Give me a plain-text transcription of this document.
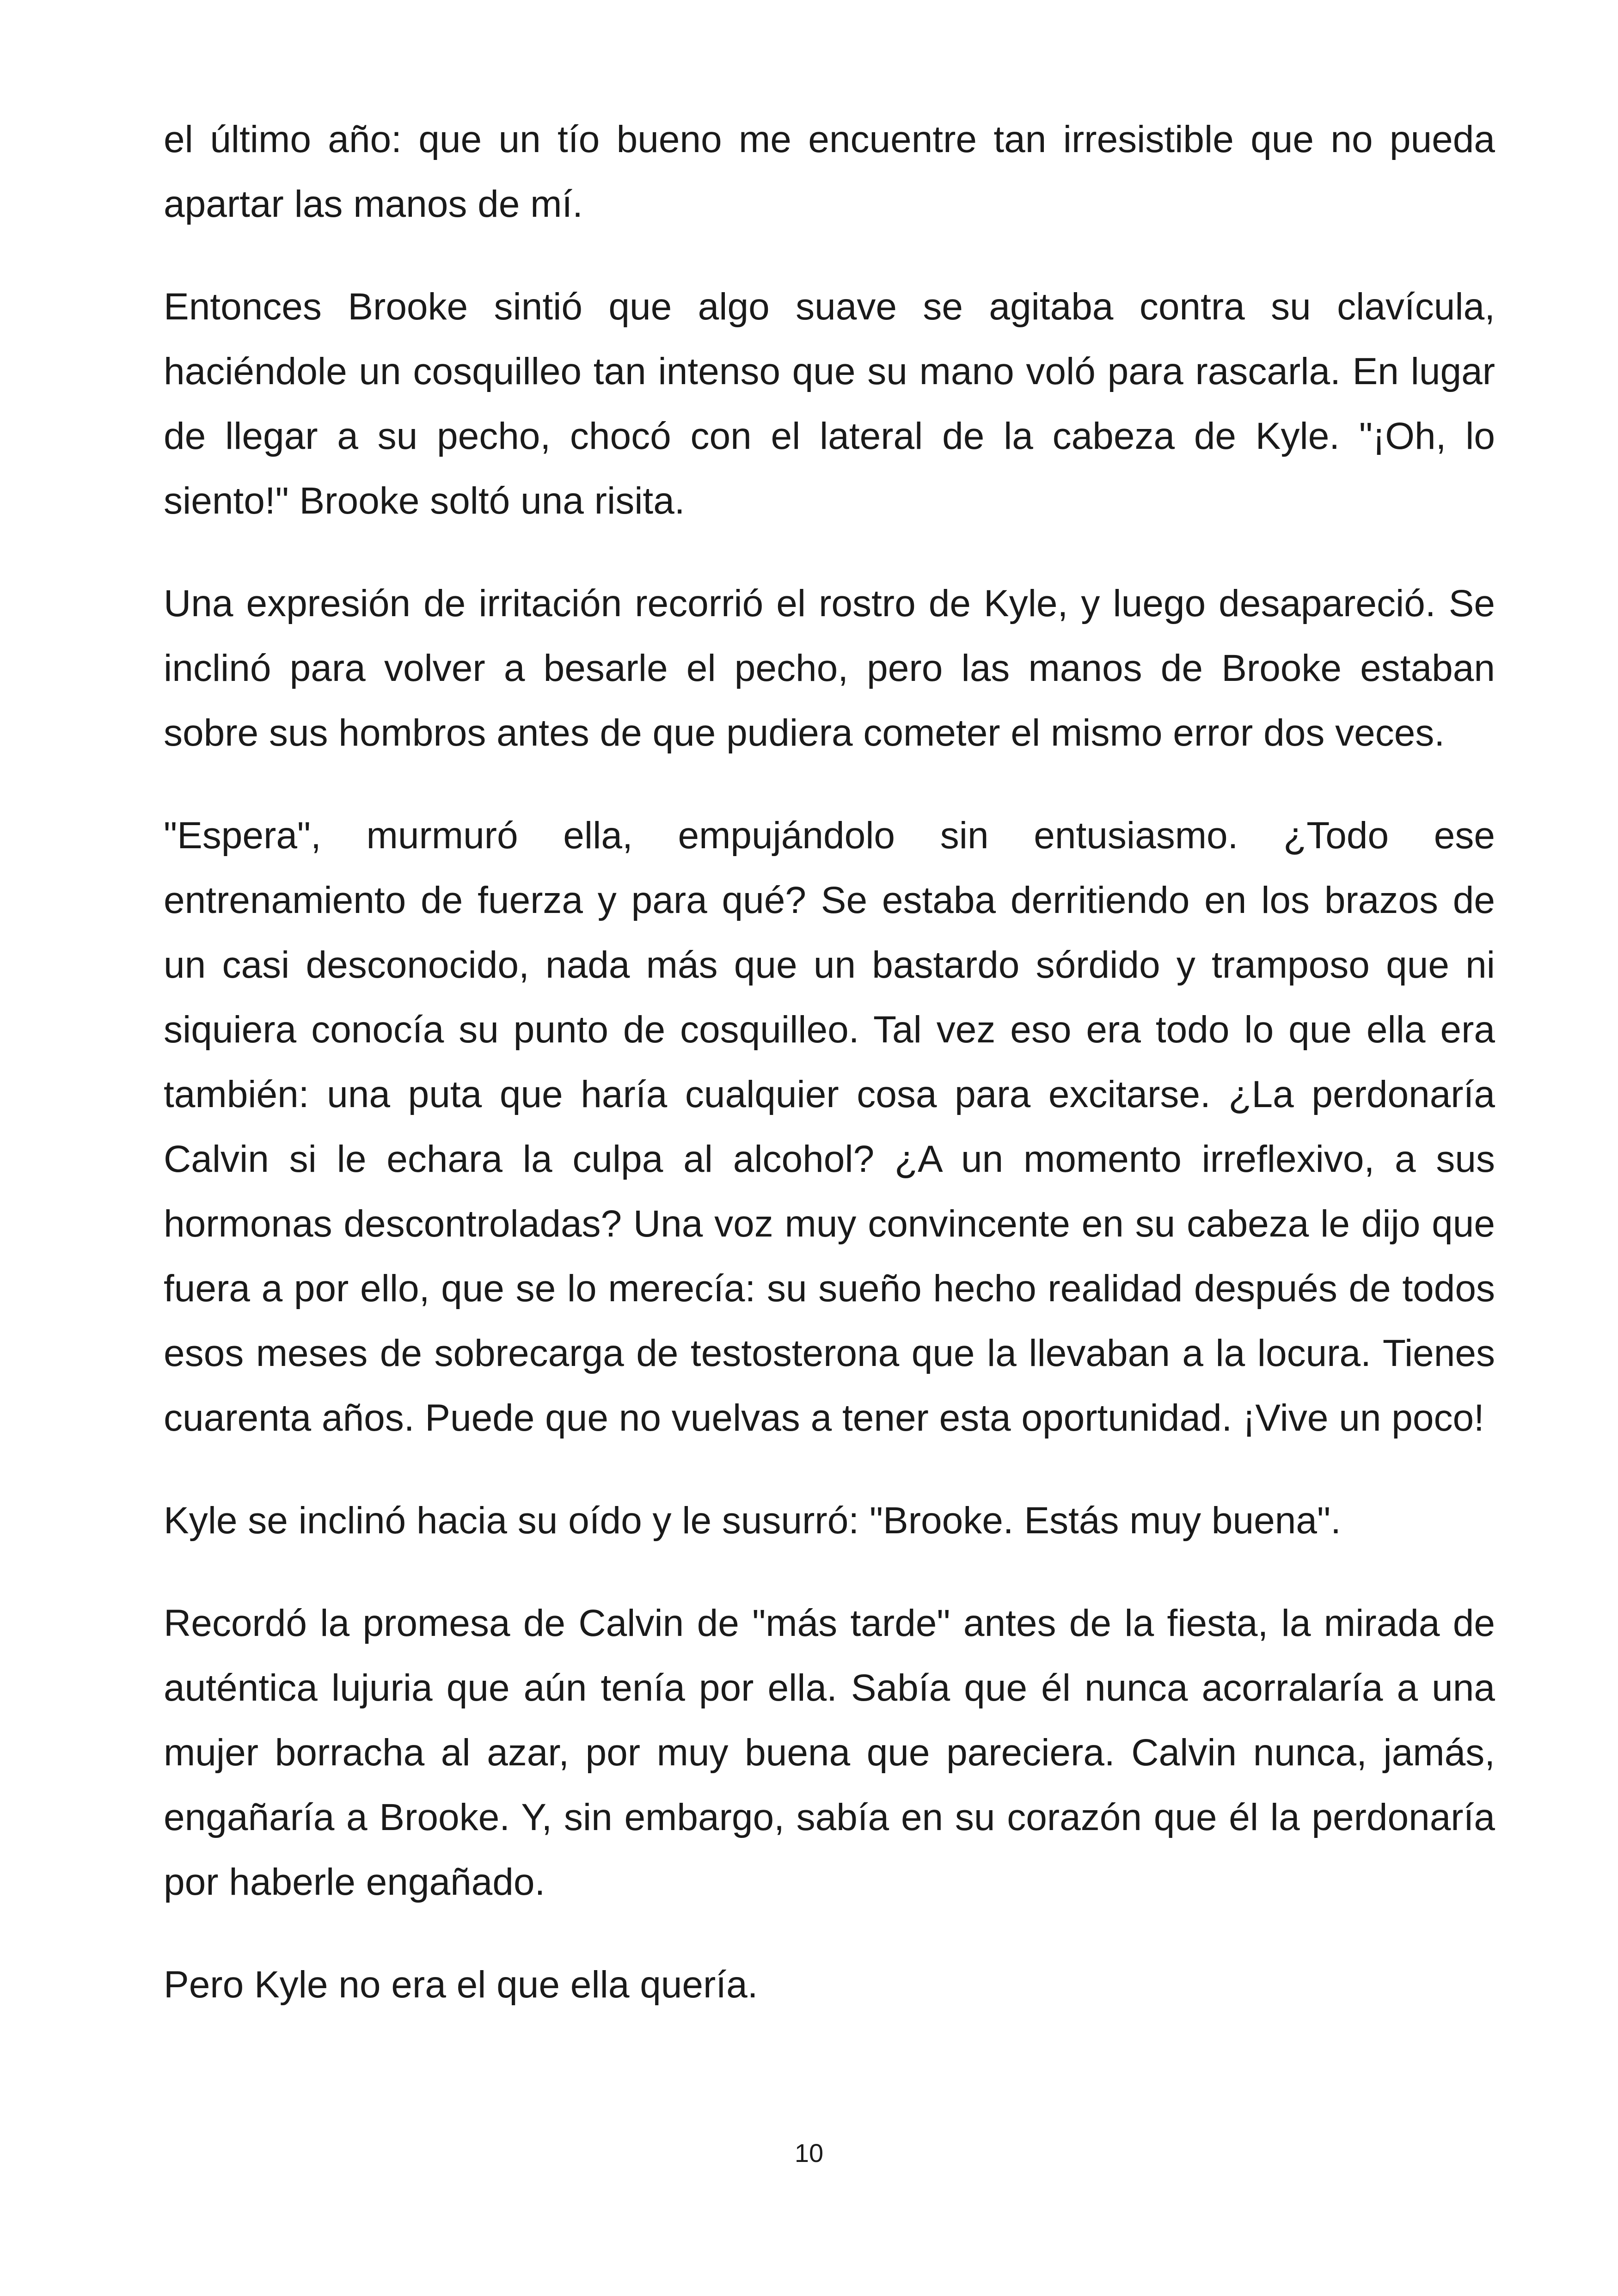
el último año: que un tío bueno me encuentre tan irresistible que no pueda apartar las manos de mí.

Entonces Brooke sintió que algo suave se agitaba contra su clavícula, haciéndole un cosquilleo tan intenso que su mano voló para rascarla. En lugar de llegar a su pecho, chocó con el lateral de la cabeza de Kyle. "¡Oh, lo siento!" Brooke soltó una risita.

Una expresión de irritación recorrió el rostro de Kyle, y luego desapareció. Se inclinó para volver a besarle el pecho, pero las manos de Brooke estaban sobre sus hombros antes de que pudiera cometer el mismo error dos veces.

"Espera", murmuró ella, empujándolo sin entusiasmo. ¿Todo ese entrenamiento de fuerza y para qué? Se estaba derritiendo en los brazos de un casi desconocido, nada más que un bastardo sórdido y tramposo que ni siquiera conocía su punto de cosquilleo. Tal vez eso era todo lo que ella era también: una puta que haría cualquier cosa para excitarse. ¿La perdonaría Calvin si le echara la culpa al alcohol? ¿A un momento irreflexivo, a sus hormonas descontroladas? Una voz muy convincente en su cabeza le dijo que fuera a por ello, que se lo merecía: su sueño hecho realidad después de todos esos meses de sobrecarga de testosterona que la llevaban a la locura. Tienes cuarenta años. Puede que no vuelvas a tener esta oportunidad. ¡Vive un poco!

Kyle se inclinó hacia su oído y le susurró: "Brooke. Estás muy buena".

Recordó la promesa de Calvin de "más tarde" antes de la fiesta, la mirada de auténtica lujuria que aún tenía por ella. Sabía que él nunca acorralaría a una mujer borracha al azar, por muy buena que pareciera. Calvin nunca, jamás, engañaría a Brooke. Y, sin embargo, sabía en su corazón que él la perdonaría por haberle engañado.

Pero Kyle no era el que ella quería.

10
